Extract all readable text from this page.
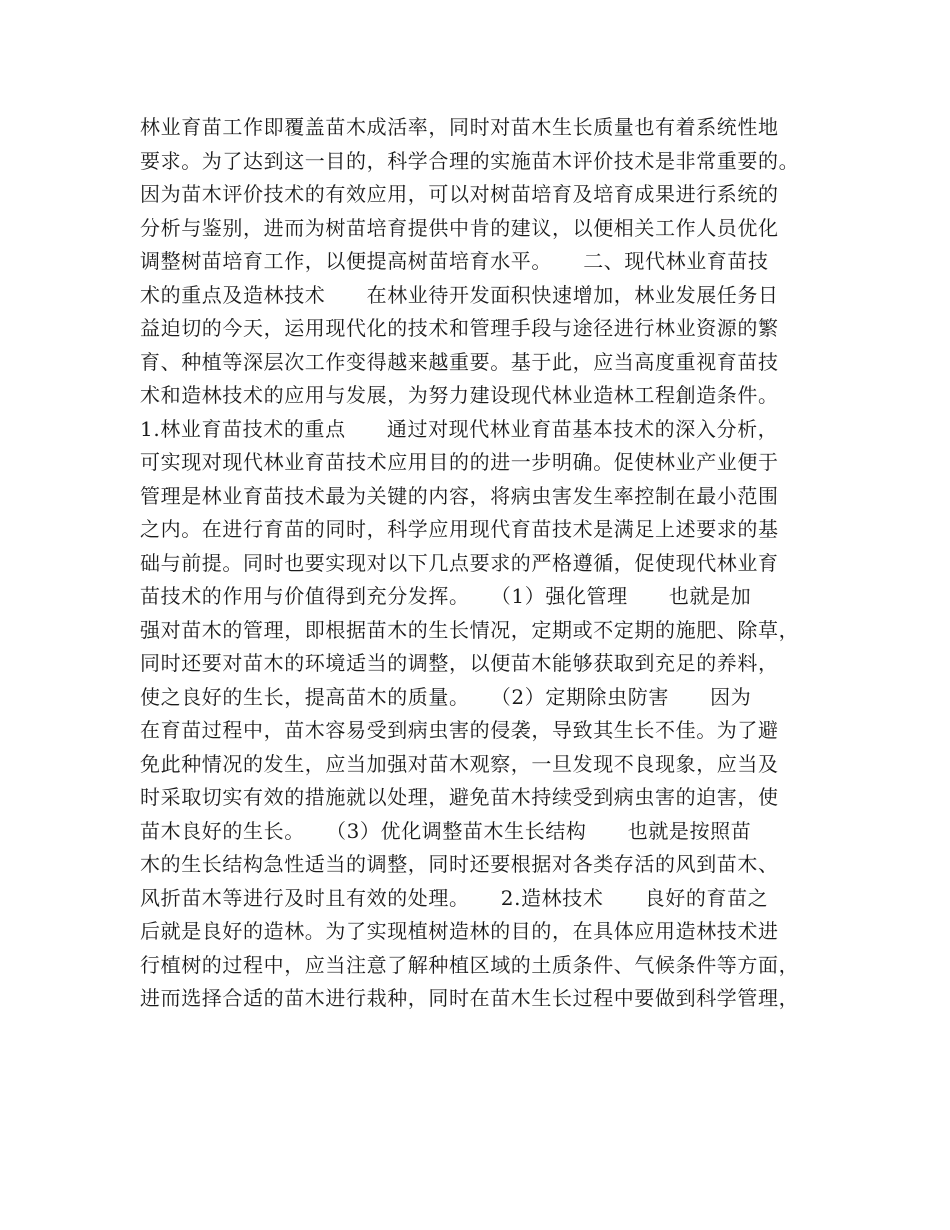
林业育苗工作即覆盖苗木成活率，同时对苗木生长质量也有着系统性地
要求。为了达到这一目的，科学合理的实施苗木评价技术是非常重要的。
因为苗木评价技术的有效应用，可以对树苗培育及培育成果进行系统的
分析与鉴别，进而为树苗培育提供中肯的建议，以便相关工作人员优化
调整树苗培育工作，以便提高树苗培育水平。　　二、现代林业育苗技
术的重点及造林技术　　在林业待开发面积快速增加，林业发展任务日
益迫切的今天，运用现代化的技术和管理手段与途径进行林业资源的繁
育、种植等深层次工作变得越来越重要。基于此，应当高度重视育苗技
术和造林技术的应用与发展，为努力建设现代林业造林工程創造条件。
1.林业育苗技术的重点　　通过对现代林业育苗基本技术的深入分析，
可实现对现代林业育苗技术应用目的的进一步明确。促使林业产业便于
管理是林业育苗技术最为关键的内容，将病虫害发生率控制在最小范围
之内。在进行育苗的同时，科学应用现代育苗技术是满足上述要求的基
础与前提。同时也要实现对以下几点要求的严格遵循，促使现代林业育
苗技术的作用与价值得到充分发挥。　　（1）强化管理　　也就是加
强对苗木的管理，即根据苗木的生长情况，定期或不定期的施肥、除草，
同时还要对苗木的环境适当的调整，以便苗木能够获取到充足的养料，
使之良好的生长，提高苗木的质量。　　（2）定期除虫防害　　因为
在育苗过程中，苗木容易受到病虫害的侵袭，导致其生长不佳。为了避
免此种情况的发生，应当加强对苗木观察，一旦发现不良现象，应当及
时采取切实有效的措施就以处理，避免苗木持续受到病虫害的迫害，使
苗木良好的生长。　　（3）优化调整苗木生长结构　　也就是按照苗
木的生长结构急性适当的调整，同时还要根据对各类存活的风到苗木、
风折苗木等进行及时且有效的处理。　　2.造林技术　　良好的育苗之
后就是良好的造林。为了实现植树造林的目的，在具体应用造林技术进
行植树的过程中，应当注意了解种植区域的土质条件、气候条件等方面，
进而选择合适的苗木进行栽种，同时在苗木生长过程中要做到科学管理，
